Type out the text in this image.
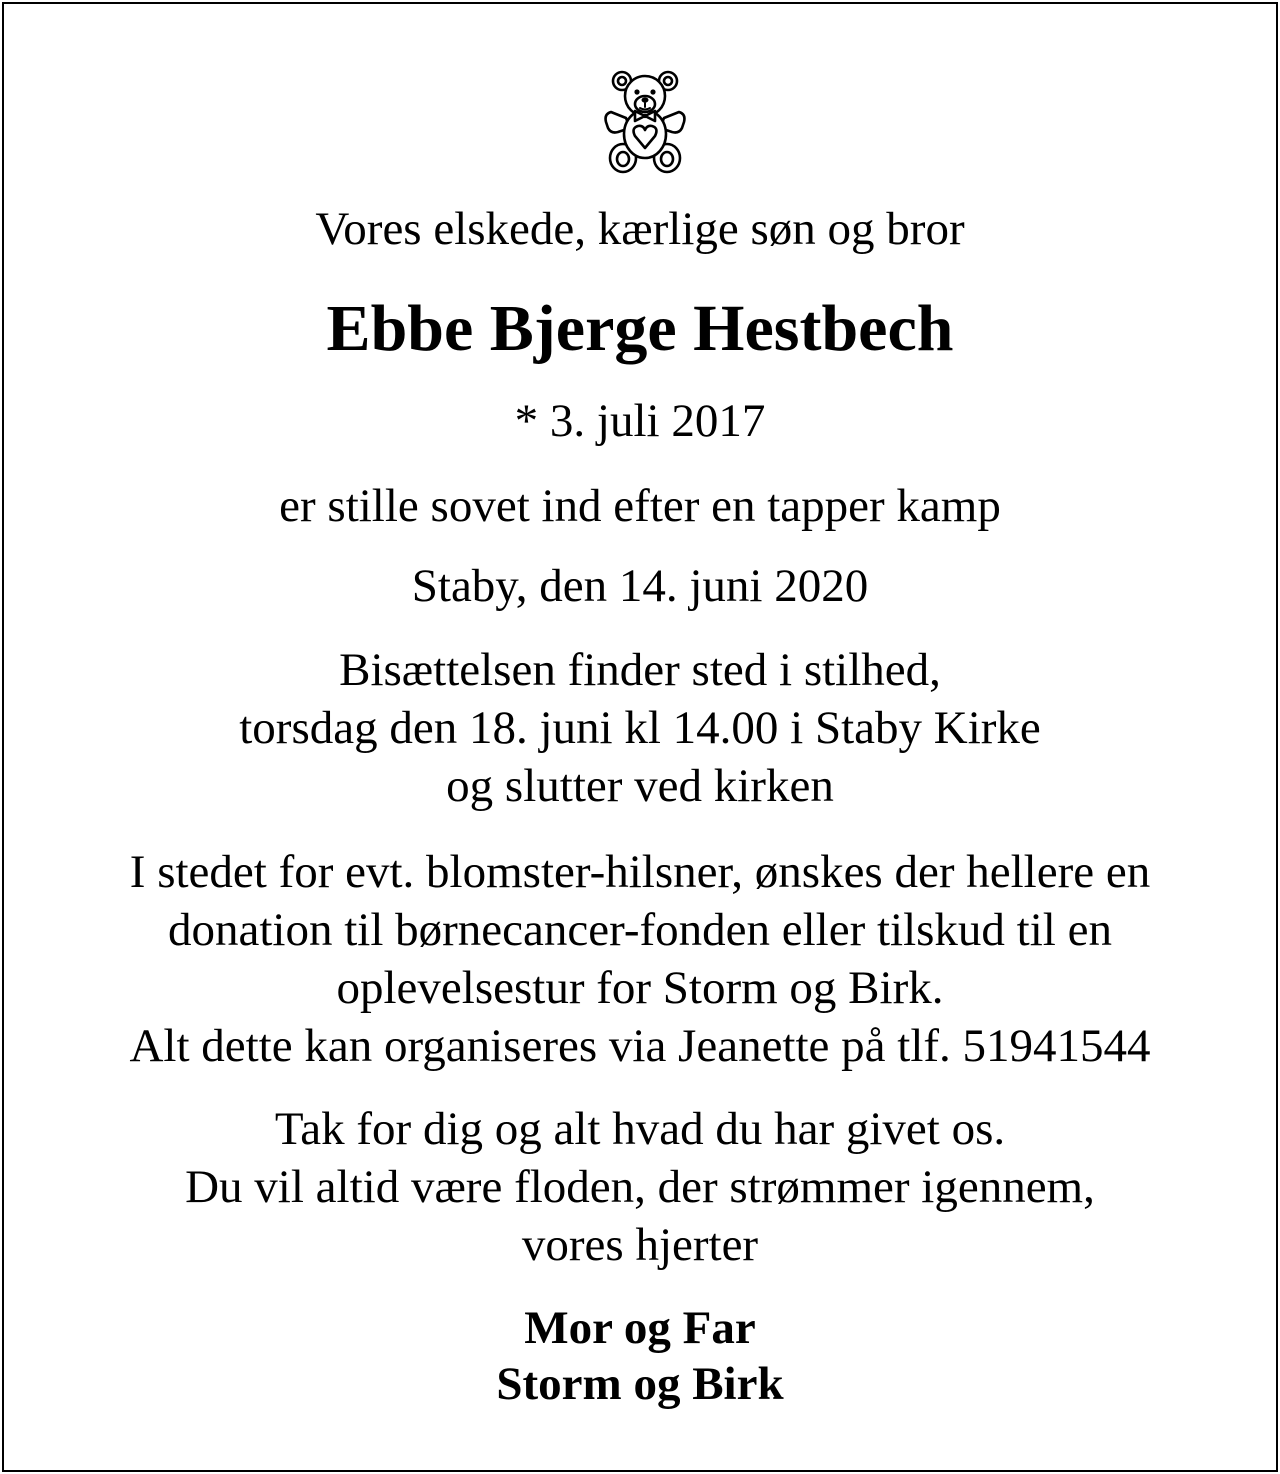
Vores elskede, kærlige søn og bror
Ebbe Bjerge Hestbech
* 3. juli 2017
er stille sovet ind efter en tapper kamp
Staby, den 14. juni 2020
Bisættelsen finder sted i stilhed,
torsdag den 18. juni kl 14.00 i Staby Kirke
og slutter ved kirken
I stedet for evt. blomster-hilsner, ønskes der hellere en
donation til børnecancer-fonden eller tilskud til en
oplevelsestur for Storm og Birk.
Alt dette kan organiseres via Jeanette på tlf. 51941544
Tak for dig og alt hvad du har givet os.
Du vil altid være floden, der strømmer igennem,
vores hjerter
Mor og Far
Storm og Birk
